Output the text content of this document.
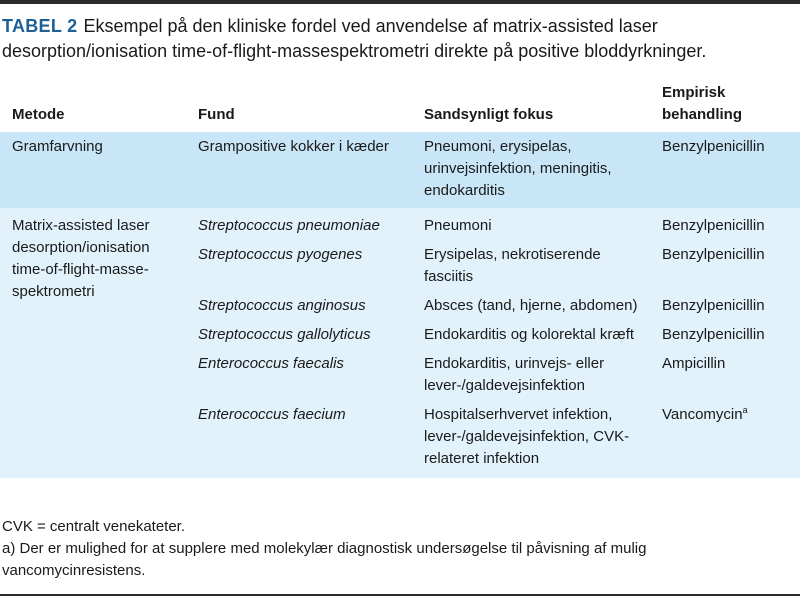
TABEL 2 Eksempel på den kliniske fordel ved anvendelse af matrix-assisted laser desorption/ionisation time-of-flight-massespektrometri direkte på positive bloddyrkninger.
Metode	Fund	Sandsynligt fokus	Empirisk behandling
Gramfarvning	Grampositive kokker i kæder	Pneumoni, erysipelas, urinvejsinfektion, meningitis, endokarditis	Benzylpenicillin
Matrix-assisted laser desorption/ionisation time-of-flight-masse-spektrometri	Streptococcus pneumoniae	Pneumoni	Benzylpenicillin
	Streptococcus pyogenes	Erysipelas, nekrotiserende fasciitis	Benzylpenicillin
	Streptococcus anginosus	Absces (tand, hjerne, abdomen)	Benzylpenicillin
	Streptococcus gallolyticus	Endokarditis og kolorektal kræft	Benzylpenicillin
	Enterococcus faecalis	Endokarditis, urinvejs- eller lever-/galdevejsinfektion	Ampicillin
	Enterococcus faecium	Hospitalserhvervet infektion, lever-/galdevejsinfektion, CVK-relateret infektion	Vancomycin$^a$
CVK = centralt venekateter.
a) Der er mulighed for at supplere med molekylær diagnostisk undersøgelse til påvisning af mulig vancomycinresistens.
